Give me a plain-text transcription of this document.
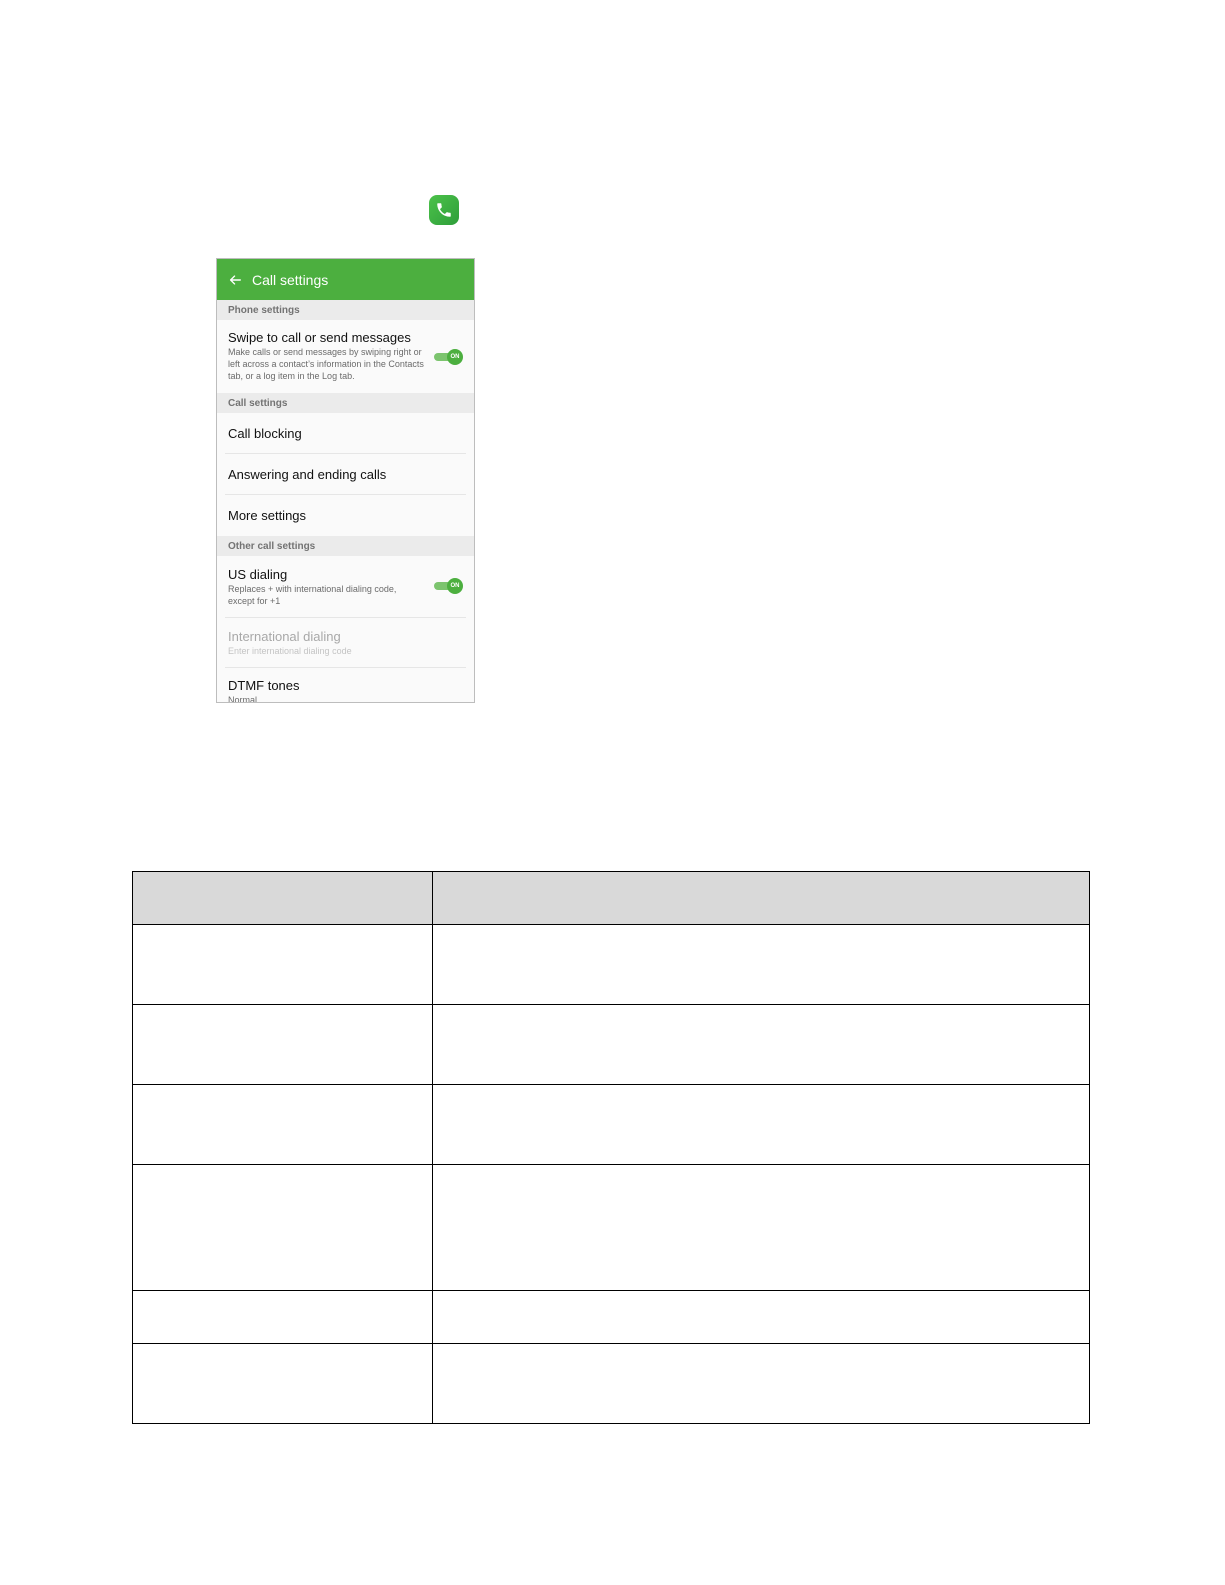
Call settings
Phone settings
Swipe to call or send messages
Make calls or send messages by swiping right or left across a contact’s information in the Contacts tab, or a log item in the Log tab.
ON
Call settings
Call blocking
Answering and ending calls
More settings
Other call settings
US dialing
Replaces + with international dialing code, except for +1
ON
International dialing
Enter international dialing code
DTMF tones
Normal
